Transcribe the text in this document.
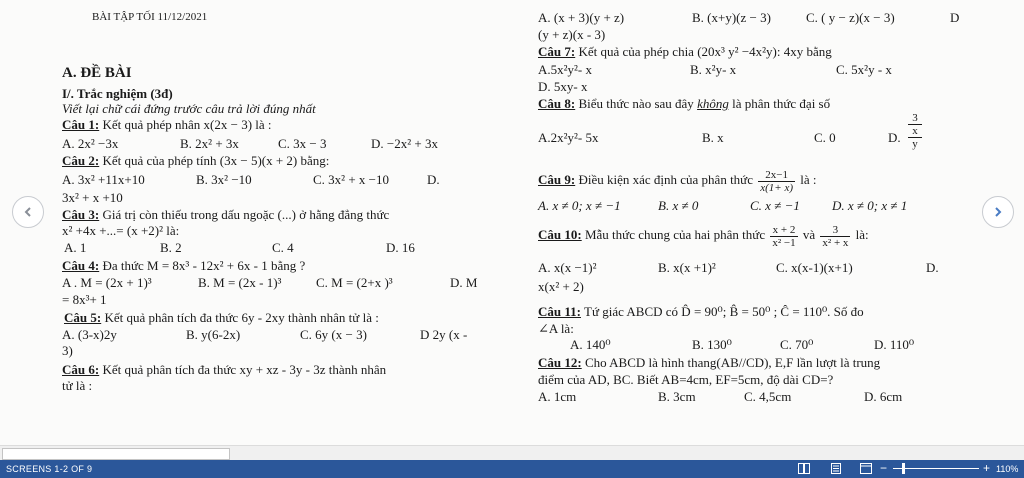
BÀI TẬP TỐI 11/12/2021
A. ĐỀ BÀI
I/. Trắc nghiệm (3đ)
Viết lại chữ cái đứng trước câu trả lời đúng nhất
Câu 1: Kết quả phép nhân x(2x − 3) là :
A. 2x² −3x	B. 2x² + 3x	C. 3x − 3	D. −2x² + 3x
Câu 2: Kết quả của phép tính (3x − 5)(x + 2) bằng:
A. 3x² +11x+10	B. 3x² −10	C. 3x² + x −10	D.
3x² + x +10
Câu 3: Giá trị còn thiếu trong dấu ngoặc (...) ở hằng đẳng thức
x² +4x +...= (x +2)² là:
A. 1	B. 2	C. 4	D. 16
Câu 4: Đa thức M = 8x³ - 12x² + 6x - 1 bằng ?
A . M = (2x + 1)³	B. M = (2x - 1)³	C. M = (2+x )³	D. M
= 8x³+ 1
Câu 5: Kết quả phân tích đa thức 6y - 2xy thành nhân tử là :
A. (3-x)2y	B. y(6-2x)	C. 6y (x − 3)	D 2y (x -
3)
Câu 6: Kết quả phân tích đa thức xy + xz - 3y - 3z thành nhân
tử là :
A. (x + 3)(y + z)	B. (x+y)(z − 3)	C. ( y − z)(x − 3)	D
(y + z)(x - 3)
Câu 7: Kết quả của phép chia (20x³ y² −4x²y): 4xy bằng
A.5x²y²- x	B. x²y- x	C. 5x²y - x
D. 5xy- x
Câu 8: Biểu thức nào sau đây không là phân thức đại số
A.2x²y²- 5x	B. x	C. 0	D.
3
x
y
Câu 9: Điều kiện xác định của phân thức $\frac{2x-1}{x(1+ x)}$ là :
A. x ≠ 0; x ≠ −1	B. x ≠ 0	C. x ≠ −1 D. x ≠ 0; x ≠ 1
Câu 10: Mẫu thức chung của hai phân thức $\frac{x + 2}{\text{x² −1}}$ và $\frac{3}{\text{x² + x}}$ là:
A. x(x −1)²	B. x(x +1)²	C. x(x-1)(x+1)	D.
x(x² + 2)
Câu 11: Tứ giác ABCD có D̂ = 90⁰; B̂ = 50⁰ ; Ĉ = 110⁰. Số đo
∠A là:
A. 140⁰	B. 130⁰	C. 70⁰	D. 110⁰
Câu 12: Cho ABCD là hình thang(AB//CD), E,F lần lượt là trung
điểm của AD, BC. Biết AB=4cm, EF=5cm, độ dài CD=?
A. 1cm	B. 3cm	C. 4,5cm	D. 6cm
SCREENS 1-2 OF 9	−	+ 110%
